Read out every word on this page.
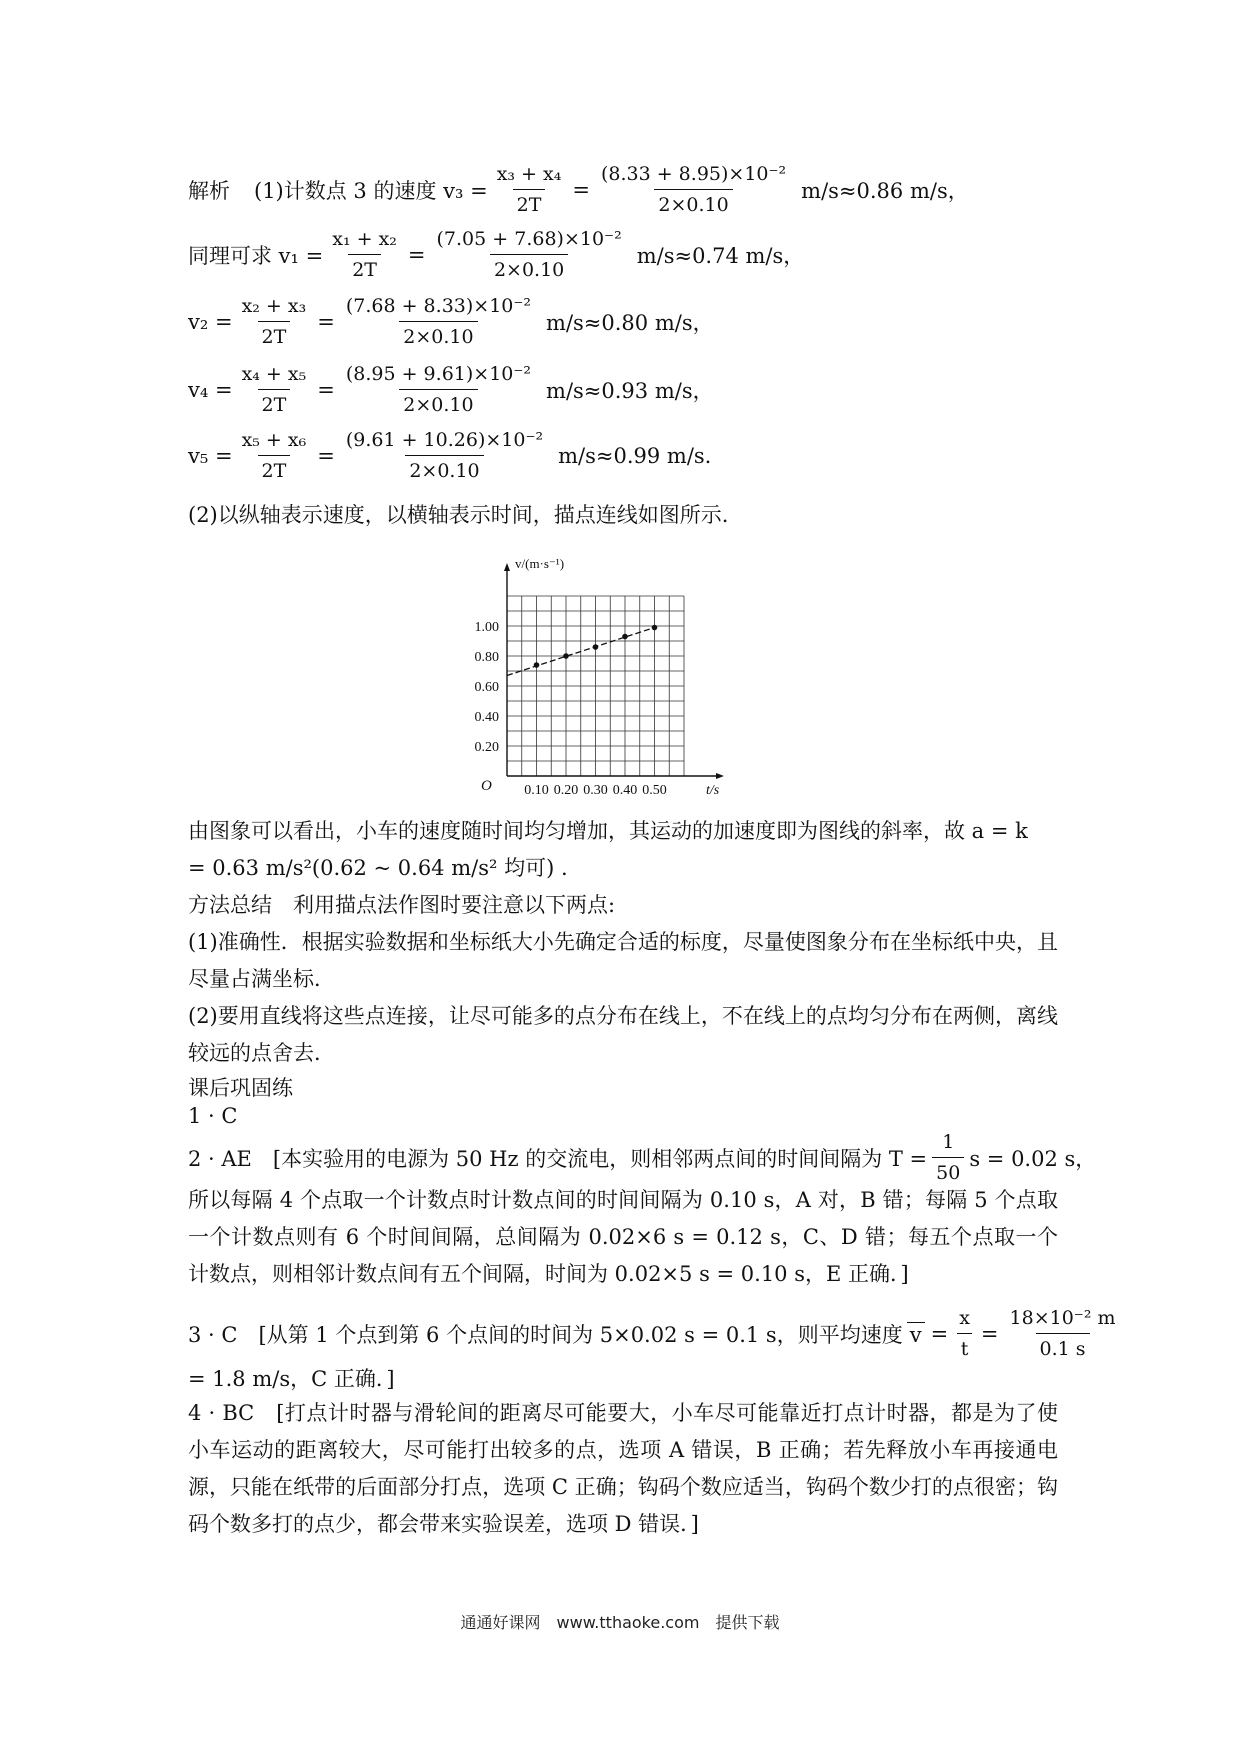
解析 (1)计数点 3 的速度 $v_3 = \frac{\text{x₃ + x₄}}{2T} = \frac{\text{(8.33 + 8.95)×10⁻²}}{2\times 0.10} m/s\approx 0.86$ m/s，
同理可求 $v_1 = \frac{\text{x₁ + x₂}}{2T} = \frac{\text{(7.05 + 7.68)×10⁻²}}{2\times 0.10} m/s\approx 0.74$ m/s，
$v_2 = \frac{\text{x₂ + x₃}}{2T} = \frac{\text{(7.68 + 8.33)×10⁻²}}{2\times 0.10} m/s\approx 0.80$ m/s，
$v_4 = \frac{\text{x₄ + x₅}}{2T} = \frac{\text{(8.95 + 9.61)×10⁻²}}{2\times 0.10} m/s\approx 0.93$ m/s，
$v_5 = \frac{\text{x₅ + x₆}}{2T} = \frac{\text{(9.61 + 10.26)×10⁻²}}{2\times 0.10} m/s\approx 0.99$ m/s.
(2)以纵轴表示速度，以横轴表示时间，描点连线如图所示.
0.10 0.20 0.30 0.40 0.50
0.20
0.40
0.60
0.80
1.00
O
v/(m·s⁻¹)
t/s
由图象可以看出，小车的速度随时间均匀增加，其运动的加速度即为图线的斜率，故 a = k
= 0.63 m/s²(0.62 ~ 0.64 m/s² 均可) .
方法总结　利用描点法作图时要注意以下两点:
(1)准确性．根据实验数据和坐标纸大小先确定合适的标度，尽量使图象分布在坐标纸中央，且尽量占满坐标．
(2)要用直线将这些点连接，让尽可能多的点分布在线上，不在线上的点均匀分布在两侧，离线较远的点舍去．
课后巩固练
1 · C
2 · AE　[本实验用的电源为 50 Hz 的交流电，则相邻两点间的时间间隔为 $T = \frac{1}{50}$ s = 0.02 s，
所以每隔 4 个点取一个计数点时计数点间的时间间隔为 0.10 s，A 对，B 错；每隔 5 个点取一个计数点则有 6 个时间间隔，总间隔为 0.02×6 s = 0.12 s，C、D 错；每五个点取一个计数点，则相邻计数点间有五个间隔，时间为 0.02×5 s = 0.10 s，E 正确．]
3 · C　[从第 1 个点到第 6 个点间的时间为 5×0.02 s = 0.1 s，则平均速度 $v = \frac{x}{t} = \frac{\text{18×10⁻² m}}{0.1 s}$
= 1.8 m/s，C 正确．]
4 · BC　[打点计时器与滑轮间的距离尽可能要大，小车尽可能靠近打点计时器，都是为了使小车运动的距离较大，尽可能打出较多的点，选项 A 错误，B 正确；若先释放小车再接通电源，只能在纸带的后面部分打点，选项 C 正确；钩码个数应适当，钩码个数少打的点很密；钩码个数多打的点少，都会带来实验误差，选项 D 错误．]
通通好课网　www.tthaoke.com　提供下载
